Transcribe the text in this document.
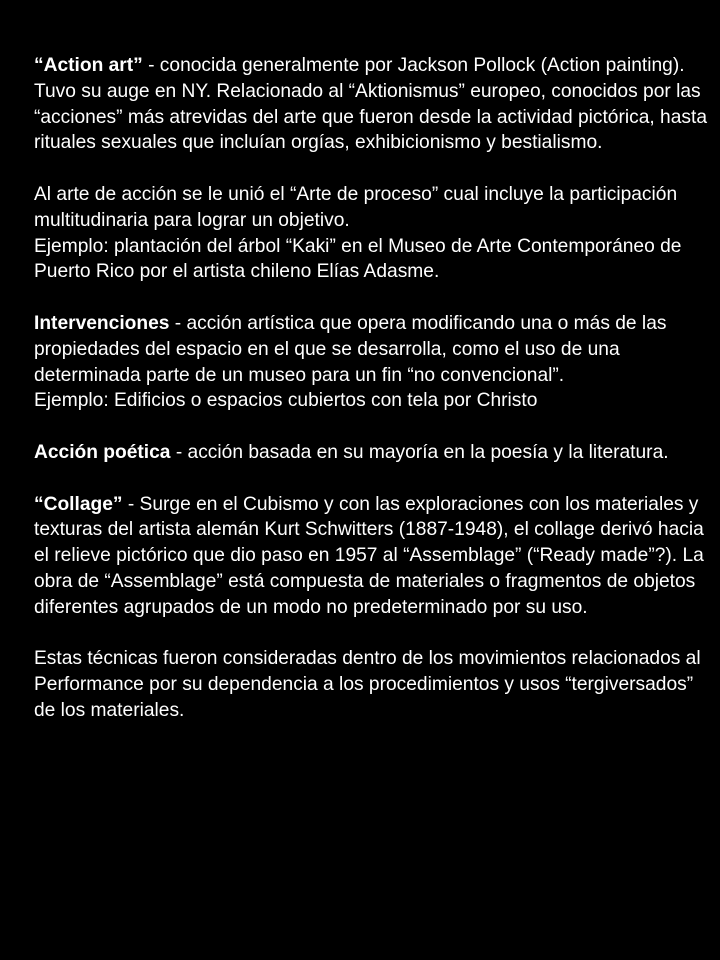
“Action art” - conocida generalmente por Jackson Pollock (Action painting). Tuvo su auge en NY. Relacionado al “Aktionismus” europeo, conocidos por las “acciones” más atrevidas del arte que fueron desde la actividad pictórica, hasta rituales sexuales que incluían orgías, exhibicionismo y bestialismo.

Al arte de acción se le unió el “Arte de proceso” cual incluye la participación multitudinaria para lograr un objetivo.
Ejemplo: plantación del árbol “Kaki” en el Museo de Arte Contemporáneo de Puerto Rico por el artista chileno Elías Adasme.

Intervenciones - acción artística que opera modificando una o más de las propiedades del espacio en el que se desarrolla, como el uso de una determinada parte de un museo para un fin “no convencional”.
Ejemplo: Edificios o espacios cubiertos con tela por Christo

Acción poética - acción basada en su mayoría en la poesía y la literatura.

“Collage” - Surge en el Cubismo y con las exploraciones con los materiales y texturas del artista alemán Kurt Schwitters (1887-1948), el collage derivó hacia el relieve pictórico que dio paso en 1957 al “Assemblage” (“Ready made”?). La obra de “Assemblage” está compuesta de materiales o fragmentos de objetos diferentes agrupados de un modo no predeterminado por su uso.

Estas técnicas fueron consideradas dentro de los movimientos relacionados al Performance por su dependencia a los procedimientos y usos “tergiversados” de los materiales.
